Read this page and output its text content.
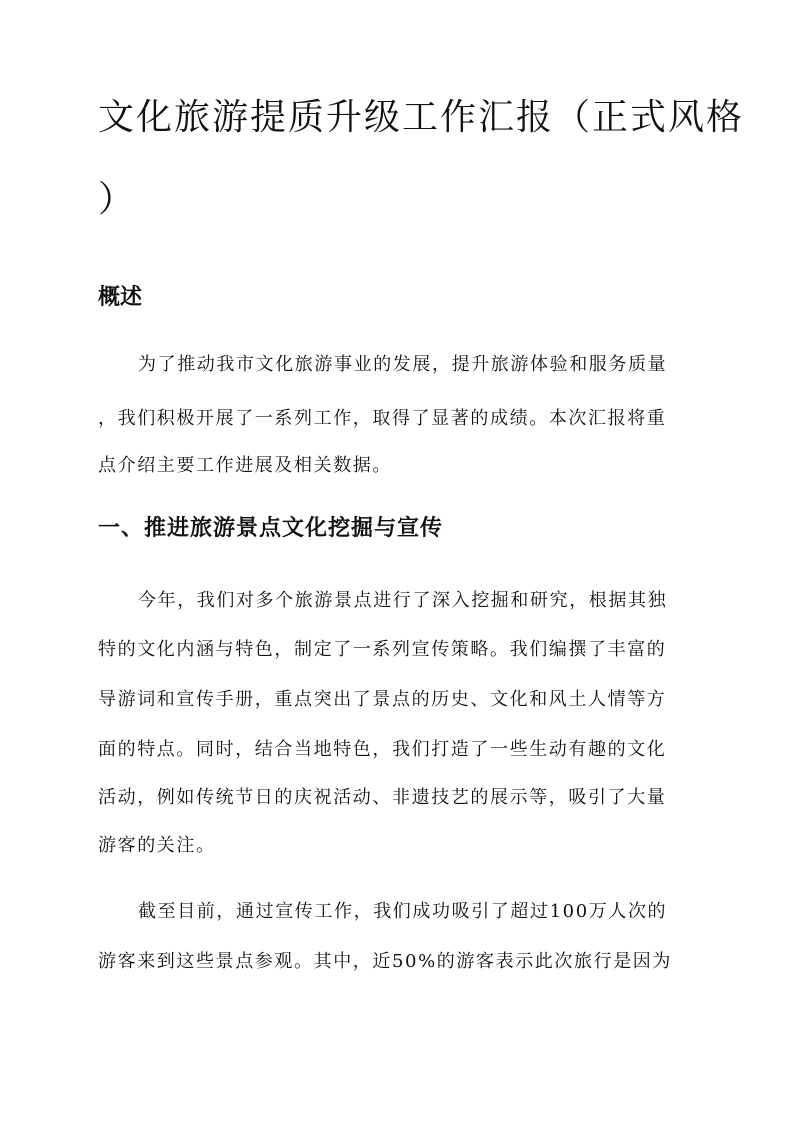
文化旅游提质升级工作汇报（正式风格
）
概述
为了推动我市文化旅游事业的发展，提升旅游体验和服务质量
，我们积极开展了一系列工作，取得了显著的成绩。本次汇报将重
点介绍主要工作进展及相关数据。
一、推进旅游景点文化挖掘与宣传
今年，我们对多个旅游景点进行了深入挖掘和研究，根据其独
特的文化内涵与特色，制定了一系列宣传策略。我们编撰了丰富的
导游词和宣传手册，重点突出了景点的历史、文化和风土人情等方
面的特点。同时，结合当地特色，我们打造了一些生动有趣的文化
活动，例如传统节日的庆祝活动、非遗技艺的展示等，吸引了大量
游客的关注。
截至目前，通过宣传工作，我们成功吸引了超过100万人次的
游客来到这些景点参观。其中，近50%的游客表示此次旅行是因为
